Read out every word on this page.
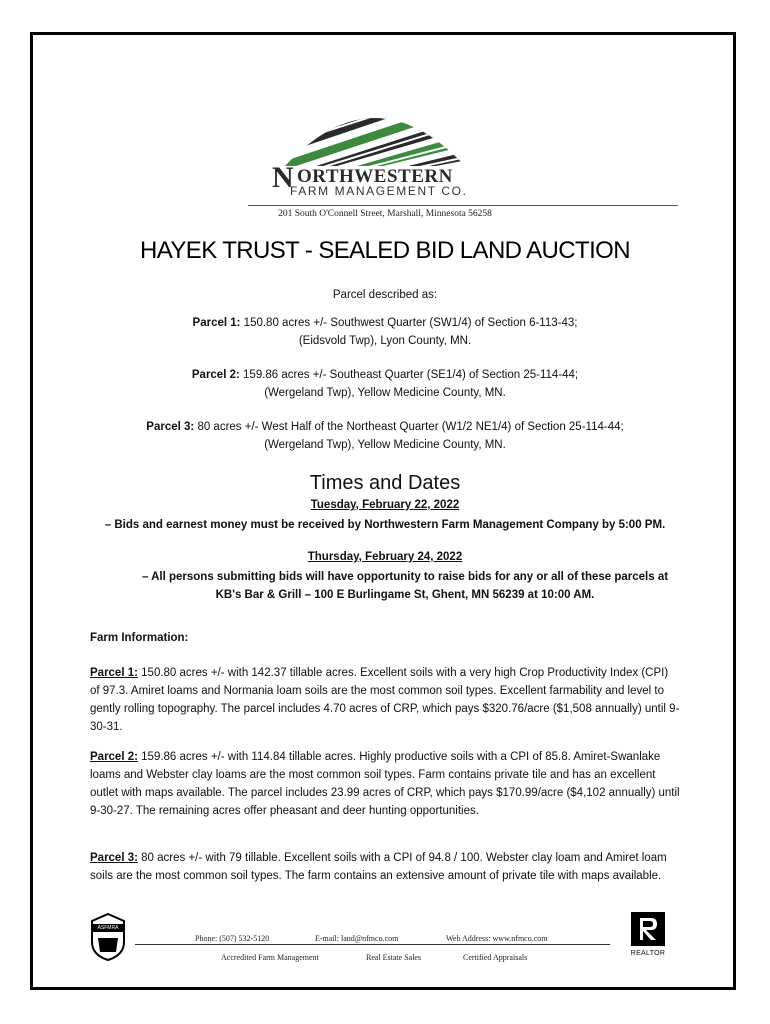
N ORTHWESTERN
FARM MANAGEMENT CO.
201 South O'Connell Street, Marshall, Minnesota 56258
HAYEK TRUST - SEALED BID LAND AUCTION
Parcel described as:
Parcel 1: 150.80 acres +/- Southwest Quarter (SW1/4) of Section 6-113-43;
(Eidsvold Twp), Lyon County, MN.
Parcel 2: 159.86 acres +/- Southeast Quarter (SE1/4) of Section 25-114-44;
(Wergeland Twp), Yellow Medicine County, MN.
Parcel 3: 80 acres +/- West Half of the Northeast Quarter (W1/2 NE1/4) of Section 25-114-44;
(Wergeland Twp), Yellow Medicine County, MN.
Times and Dates
Tuesday, February 22, 2022
– Bids and earnest money must be received by Northwestern Farm Management Company by 5:00 PM.
Thursday, February 24, 2022
– All persons submitting bids will have opportunity to raise bids for any or all of these parcels at
KB's Bar & Grill – 100 E Burlingame St, Ghent, MN 56239 at 10:00 AM.
Farm Information:
Parcel 1: 150.80 acres +/- with 142.37 tillable acres. Excellent soils with a very high Crop Productivity Index (CPI) of 97.3. Amiret loams and Normania loam soils are the most common soil types. Excellent farmability and level to gently rolling topography. The parcel includes 4.70 acres of CRP, which pays $320.76/acre ($1,508 annually) until 9-30-31.
Parcel 2: 159.86 acres +/- with 114.84 tillable acres. Highly productive soils with a CPI of 85.8. Amiret-Swanlake loams and Webster clay loams are the most common soil types. Farm contains private tile and has an excellent outlet with maps available. The parcel includes 23.99 acres of CRP, which pays $170.99/acre ($4,102 annually) until 9-30-27. The remaining acres offer pheasant and deer hunting opportunities.
Parcel 3: 80 acres +/- with 79 tillable. Excellent soils with a CPI of 94.8 / 100. Webster clay loam and Amiret loam soils are the most common soil types. The farm contains an extensive amount of private tile with maps available.
ASFMRA
Phone: (507) 532-5120	E-mail: land@nfmco.com	Web Address: www.nfmco.com
Accredited Farm Management	Real Estate Sales	Certified Appraisals	REALTOR
